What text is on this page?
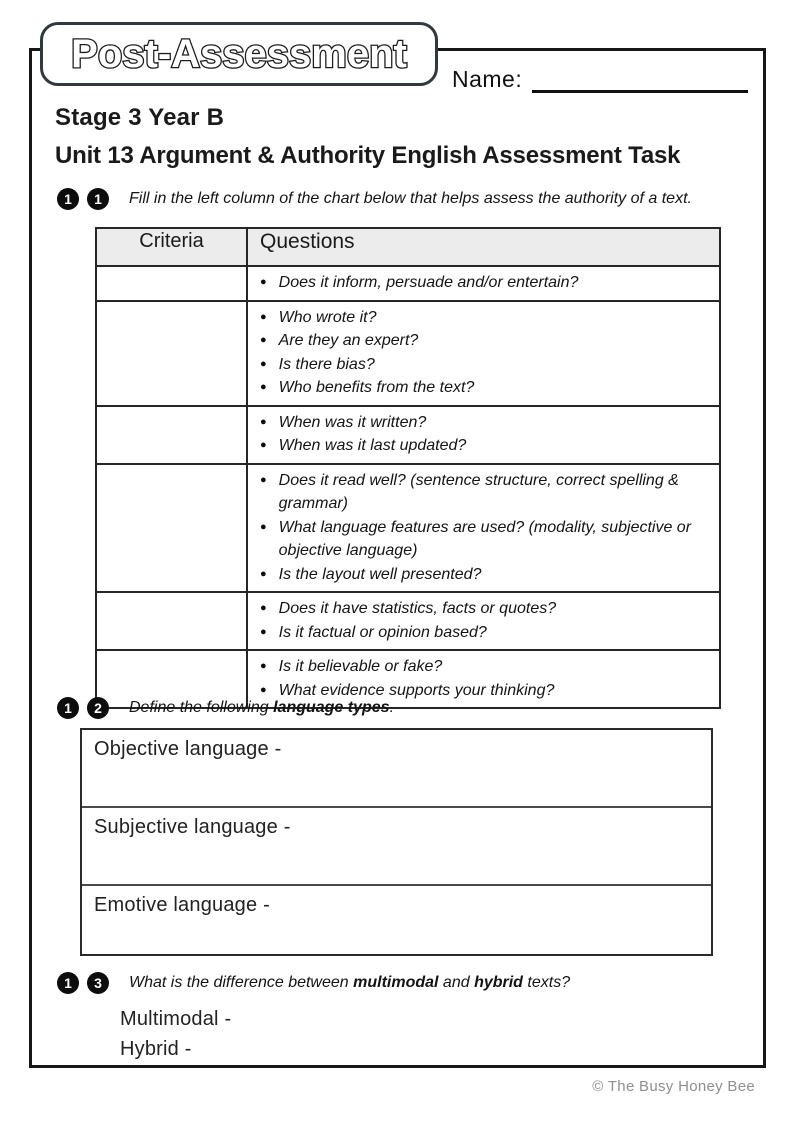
Post-Assessment
Name:
Stage 3 Year B
Unit 13 Argument & Authority English Assessment Task
1	1	Fill in the left column of the chart below that helps assess the authority of a text.
Criteria	Questions

● Does it inform, persuade and/or entertain?

● Who wrote it?
● Are they an expert?
● Is there bias?
● Who benefits from the text?

● When was it written?
● When was it last updated?

● Does it read well? (sentence structure, correct spelling & grammar)
● What language features are used? (modality, subjective or objective language)
● Is the layout well presented?

● Does it have statistics, facts or quotes?
● Is it factual or opinion based?

● Is it believable or fake?
● What evidence supports your thinking?
1	2	Define the following language types.
Objective language -
Subjective language -
Emotive language -
1	3	What is the difference between multimodal and hybrid texts?
Multimodal -
Hybrid -
© The Busy Honey Bee
